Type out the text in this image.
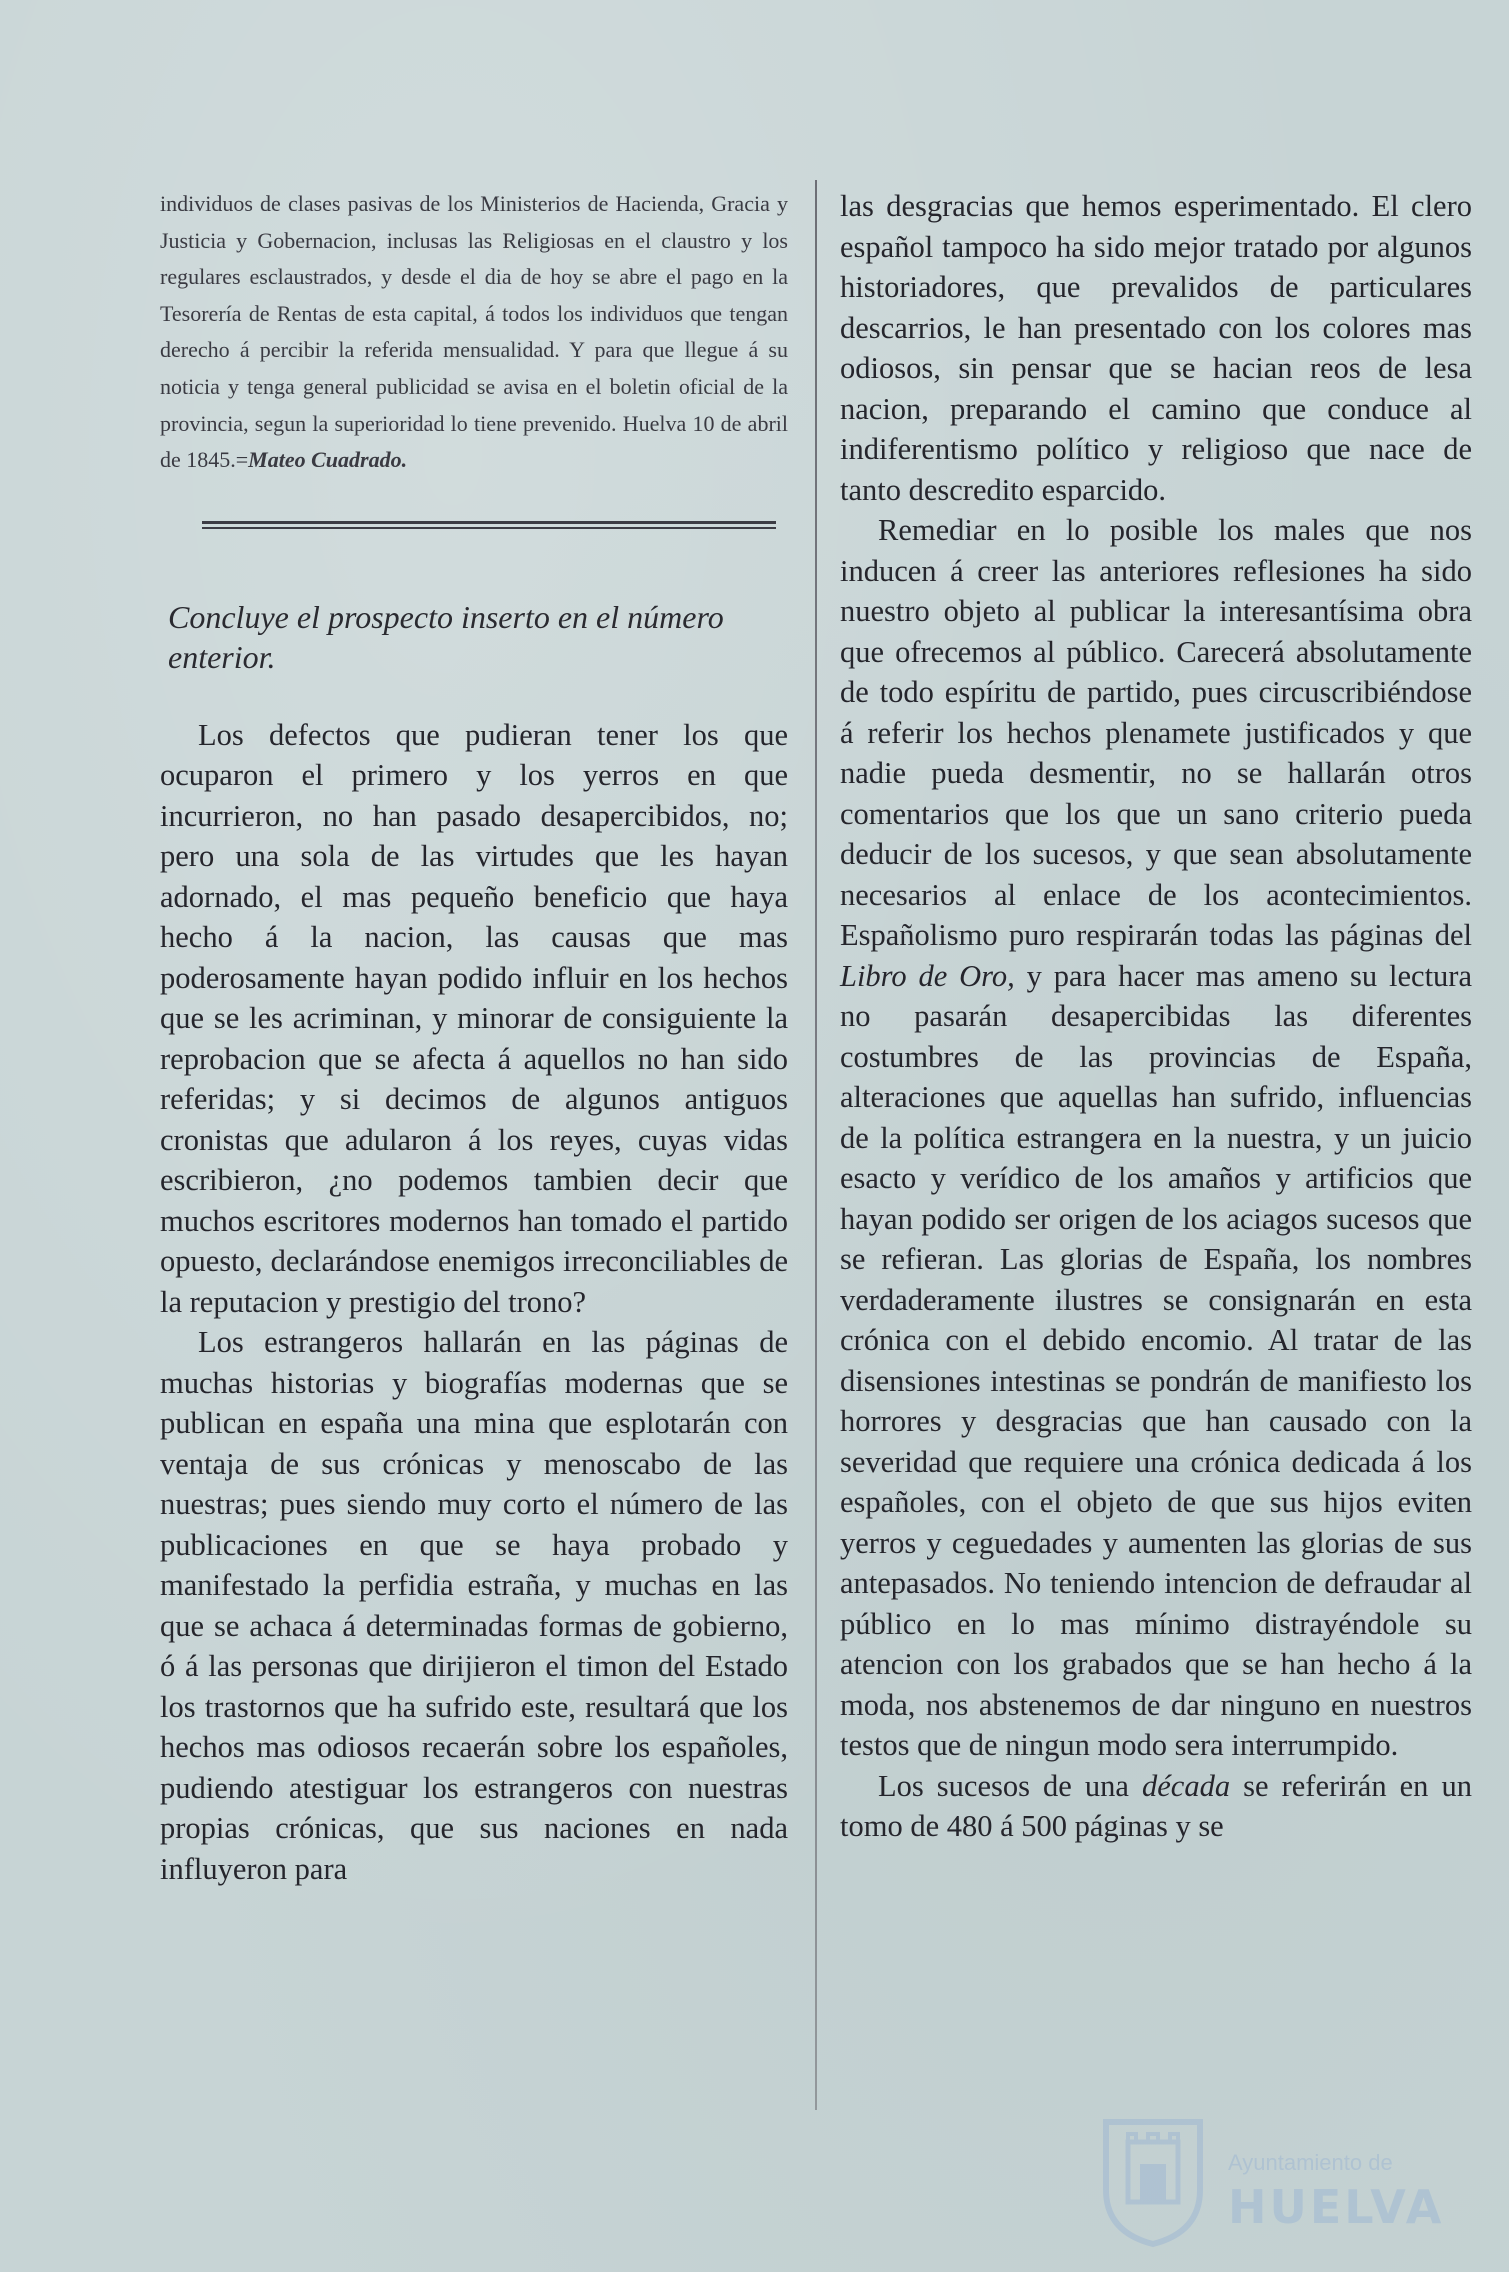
individuos de clases pasivas de los Ministerios de Hacienda, Gracia y Justicia y Gobernacion, inclusas las Religiosas en el claustro y los regulares esclaustrados, y desde el dia de hoy se abre el pago en la Tesorería de Rentas de esta capital, á todos los individuos que tengan derecho á percibir la referida mensualidad. Y para que llegue á su noticia y tenga general publicidad se avisa en el boletin oficial de la provincia, segun la superioridad lo tiene prevenido. Huelva 10 de abril de 1845.=Mateo Cuadrado.

Concluye el prospecto inserto en el número enterior.

Los defectos que pudieran tener los que ocuparon el primero y los yerros en que incurrieron, no han pasado desapercibidos, no; pero una sola de las virtudes que les hayan adornado, el mas pequeño beneficio que haya hecho á la nacion, las causas que mas poderosamente hayan podido influir en los hechos que se les acriminan, y minorar de consiguiente la reprobacion que se afecta á aquellos no han sido referidas; y si decimos de algunos antiguos cronistas que adularon á los reyes, cuyas vidas escribieron, ¿no podemos tambien decir que muchos escritores modernos han tomado el partido opuesto, declarándose enemigos irreconciliables de la reputacion y prestigio del trono?

Los estrangeros hallarán en las páginas de muchas historias y biografías modernas que se publican en españa una mina que esplotarán con ventaja de sus crónicas y menoscabo de las nuestras; pues siendo muy corto el número de las publicaciones en que se haya probado y manifestado la perfidia estraña, y muchas en las que se achaca á determinadas formas de gobierno, ó á las personas que dirijieron el timon del Estado los trastornos que ha sufrido este, resultará que los hechos mas odiosos recaerán sobre los españoles, pudiendo atestiguar los estrangeros con nuestras propias crónicas, que sus naciones en nada influyeron para

las desgracias que hemos esperimentado. El clero español tampoco ha sido mejor tratado por algunos historiadores, que prevalidos de particulares descarrios, le han presentado con los colores mas odiosos, sin pensar que se hacian reos de lesa nacion, preparando el camino que conduce al indiferentismo político y religioso que nace de tanto descredito esparcido.

Remediar en lo posible los males que nos inducen á creer las anteriores reflesiones ha sido nuestro objeto al publicar la interesantísima obra que ofrecemos al público. Carecerá absolutamente de todo espíritu de partido, pues circuscribiéndose á referir los hechos plenamete justificados y que nadie pueda desmentir, no se hallarán otros comentarios que los que un sano criterio pueda deducir de los sucesos, y que sean absolutamente necesarios al enlace de los acontecimientos. Españolismo puro respirarán todas las páginas del Libro de Oro, y para hacer mas ameno su lectura no pasarán desapercibidas las diferentes costumbres de las provincias de España, alteraciones que aquellas han sufrido, influencias de la política estrangera en la nuestra, y un juicio esacto y verídico de los amaños y artificios que hayan podido ser origen de los aciagos sucesos que se refieran. Las glorias de España, los nombres verdaderamente ilustres se consignarán en esta crónica con el debido encomio. Al tratar de las disensiones intestinas se pondrán de manifiesto los horrores y desgracias que han causado con la severidad que requiere una crónica dedicada á los españoles, con el objeto de que sus hijos eviten yerros y ceguedades y aumenten las glorias de sus antepasados. No teniendo intencion de defraudar al público en lo mas mínimo distrayéndole su atencion con los grabados que se han hecho á la moda, nos abstenemos de dar ninguno en nuestros testos que de ningun modo sera interrumpido.

Los sucesos de una década se referirán en un tomo de 480 á 500 páginas y se

Ayuntamiento de
HUELVA
